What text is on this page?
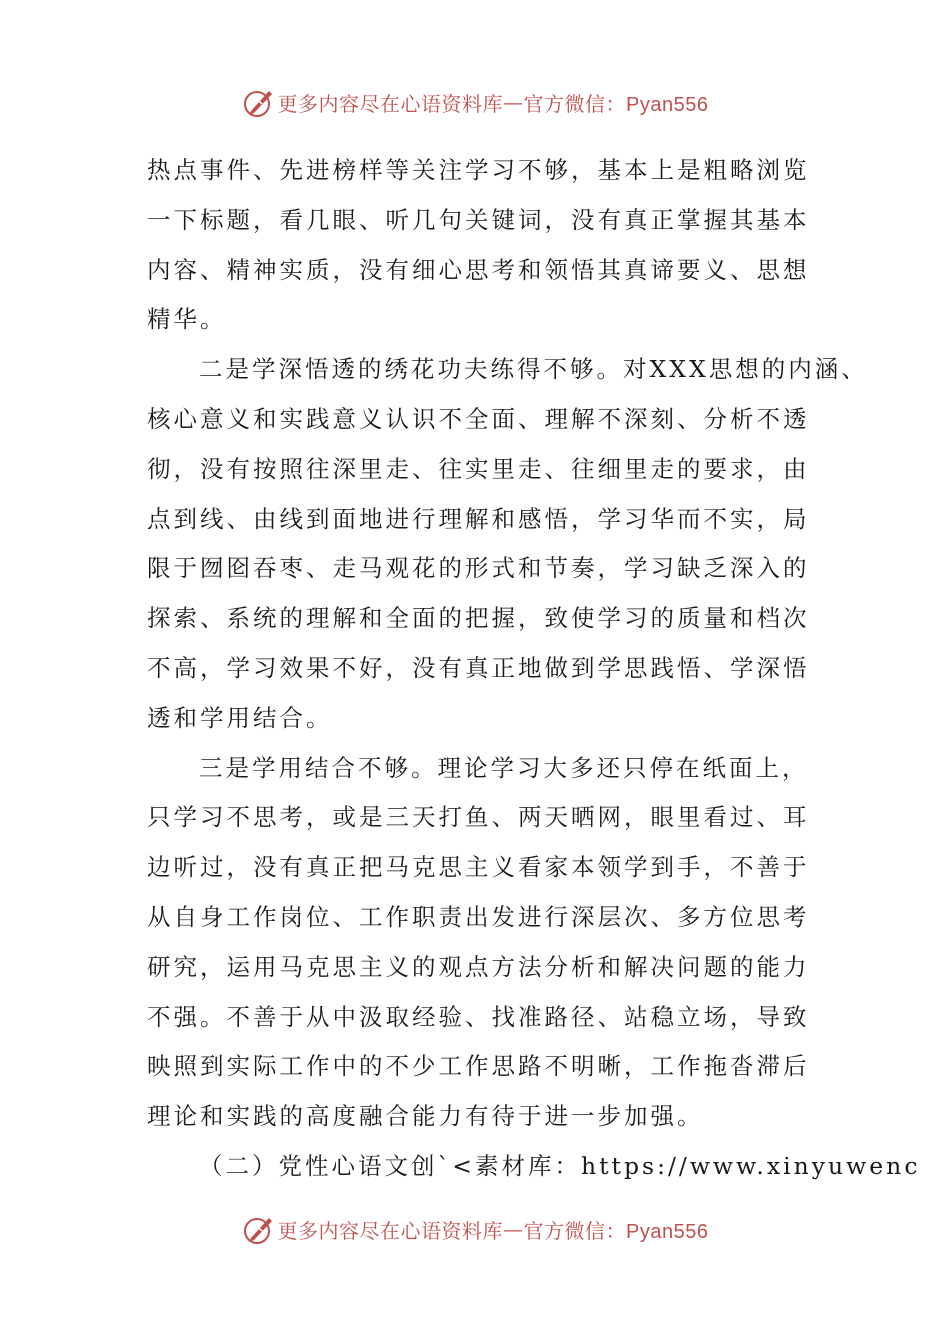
更多内容尽在心语资料库 — 官方微信：Pyan556
热点事件、先进榜样等关注学习不够，基本上是粗略浏览
一下标题，看几眼、听几句关键词，没有真正掌握其基本
内容、精神实质，没有细心思考和领悟其真谛要义、思想
精华。
二是学深悟透的绣花功夫练得不够。对XXX思想的内涵、
核心意义和实践意义认识不全面、理解不深刻、分析不透
彻，没有按照往深里走、往实里走、往细里走的要求，由
点到线、由线到面地进行理解和感悟，学习华而不实，局
限于囫囵吞枣、走马观花的形式和节奏，学习缺乏深入的
探索、系统的理解和全面的把握，致使学习的质量和档次
不高，学习效果不好，没有真正地做到学思践悟、学深悟
透和学用结合。
三是学用结合不够。理论学习大多还只停在纸面上，
只学习不思考，或是三天打鱼、两天晒网，眼里看过、耳
边听过，没有真正把马克思主义看家本领学到手，不善于
从自身工作岗位、工作职责出发进行深层次、多方位思考
研究，运用马克思主义的观点方法分析和解决问题的能力
不强。不善于从中汲取经验、找准路径、站稳立场，导致
映照到实际工作中的不少工作思路不明晰，工作拖沓滞后
理论和实践的高度融合能力有待于进一步加强。
（二）党性心语文创`<素材库：https://www.xinyuwenc
更多内容尽在心语资料库 — 官方微信：Pyan556
